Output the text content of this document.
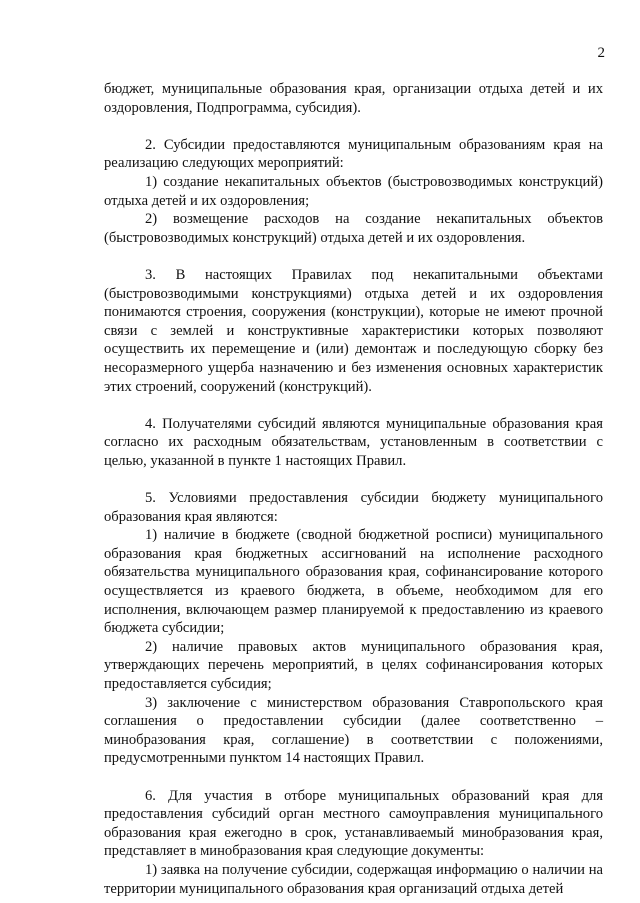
2

бюджет, муниципальные образования края, организации отдыха детей и их оздоровления, Подпрограмма, субсидия).

2. Субсидии предоставляются муниципальным образованиям края на реализацию следующих мероприятий:

1) создание некапитальных объектов (быстровозводимых конструкций) отдыха детей и их оздоровления;

2) возмещение расходов на создание некапитальных объектов (быстровозводимых конструкций) отдыха детей и их оздоровления.

3. В настоящих Правилах под некапитальными объектами (быстровозводимыми конструкциями) отдыха детей и их оздоровления понимаются строения, сооружения (конструкции), которые не имеют прочной связи с землей и конструктивные характеристики которых позволяют осуществить их перемещение и (или) демонтаж и последующую сборку без несоразмерного ущерба назначению и без изменения основных характеристик этих строений, сооружений (конструкций).

4. Получателями субсидий являются муниципальные образования края согласно их расходным обязательствам, установленным в соответствии с целью, указанной в пункте 1 настоящих Правил.

5. Условиями предоставления субсидии бюджету муниципального образования края являются:

1) наличие в бюджете (сводной бюджетной росписи) муниципального образования края бюджетных ассигнований на исполнение расходного обязательства муниципального образования края, софинансирование которого осуществляется из краевого бюджета, в объеме, необходимом для его исполнения, включающем размер планируемой к предоставлению из краевого бюджета субсидии;

2) наличие правовых актов муниципального образования края, утверждающих перечень мероприятий, в целях софинансирования которых предоставляется субсидия;

3) заключение с министерством образования Ставропольского края соглашения о предоставлении субсидии (далее соответственно – минобразования края, соглашение) в соответствии с положениями, предусмотренными пунктом 14 настоящих Правил.

6. Для участия в отборе муниципальных образований края для предоставления субсидий орган местного самоуправления муниципального образования края ежегодно в срок, устанавливаемый минобразования края, представляет в минобразования края следующие документы:

1) заявка на получение субсидии, содержащая информацию о наличии на территории муниципального образования края организаций отдыха детей
